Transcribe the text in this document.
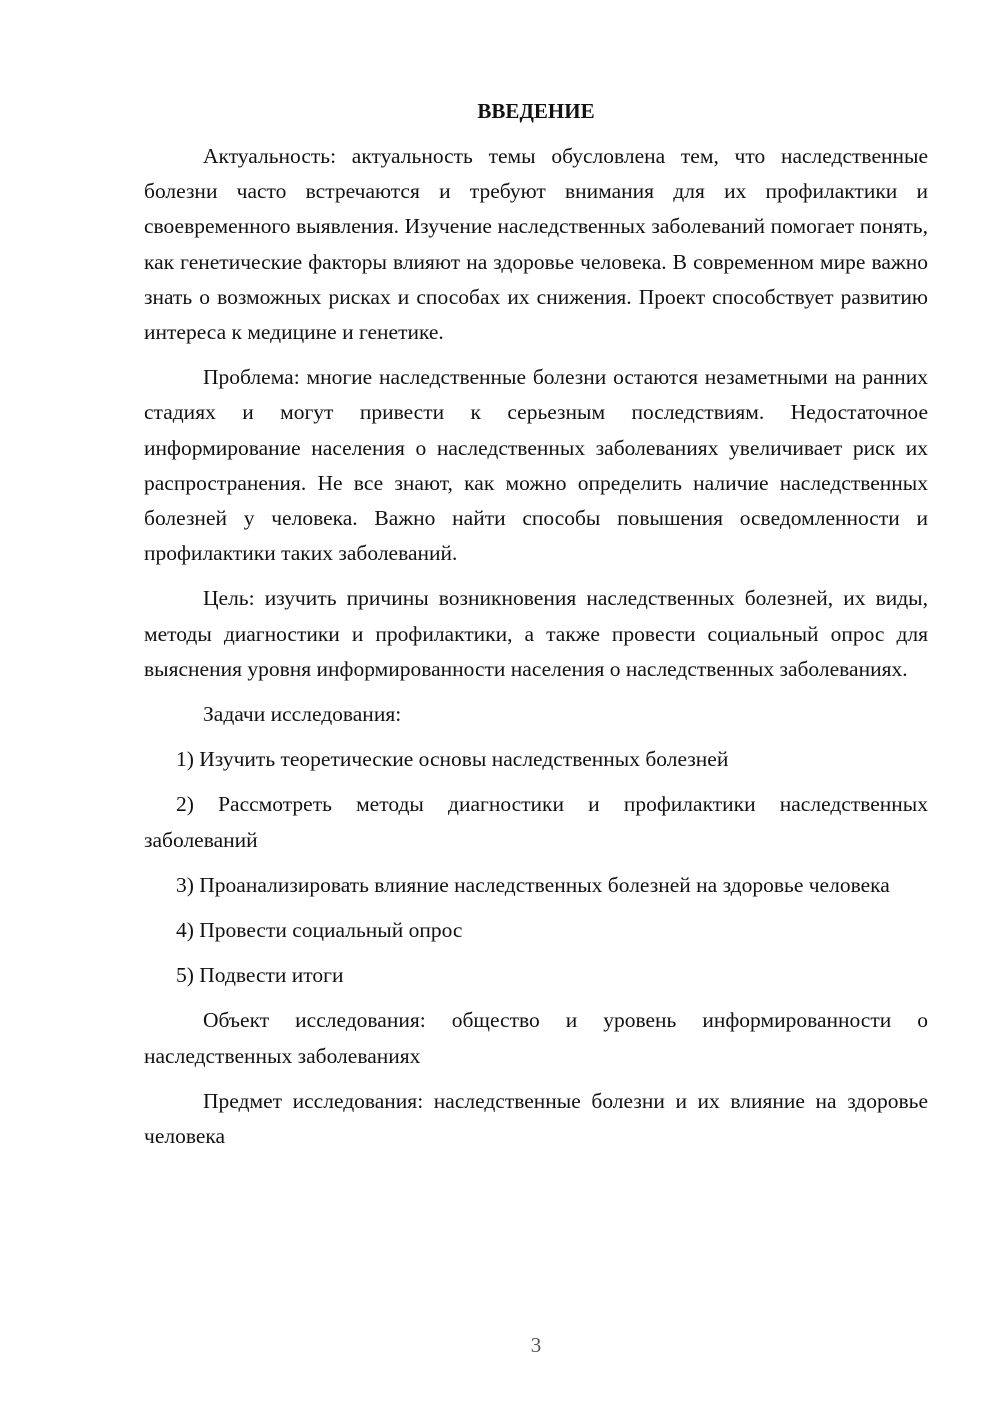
ВВЕДЕНИЕ

Актуальность: актуальность темы обусловлена тем, что наследственные болезни часто встречаются и требуют внимания для их профилактики и своевременного выявления. Изучение наследственных заболеваний помогает понять, как генетические факторы влияют на здоровье человека. В современном мире важно знать о возможных рисках и способах их снижения. Проект способствует развитию интереса к медицине и генетике.

Проблема: многие наследственные болезни остаются незаметными на ранних стадиях и могут привести к серьезным последствиям. Недостаточное информирование населения о наследственных заболеваниях увеличивает риск их распространения. Не все знают, как можно определить наличие наследственных болезней у человека. Важно найти способы повышения осведомленности и профилактики таких заболеваний.

Цель: изучить причины возникновения наследственных болезней, их виды, методы диагностики и профилактики, а также провести социальный опрос для выяснения уровня информированности населения о наследственных заболеваниях.

Задачи исследования:

1) Изучить теоретические основы наследственных болезней

2) Рассмотреть методы диагностики и профилактики наследственных заболеваний

3) Проанализировать влияние наследственных болезней на здоровье человека

4) Провести социальный опрос

5) Подвести итоги

Объект исследования: общество и уровень информированности о наследственных заболеваниях

Предмет исследования: наследственные болезни и их влияние на здоровье человека

3
